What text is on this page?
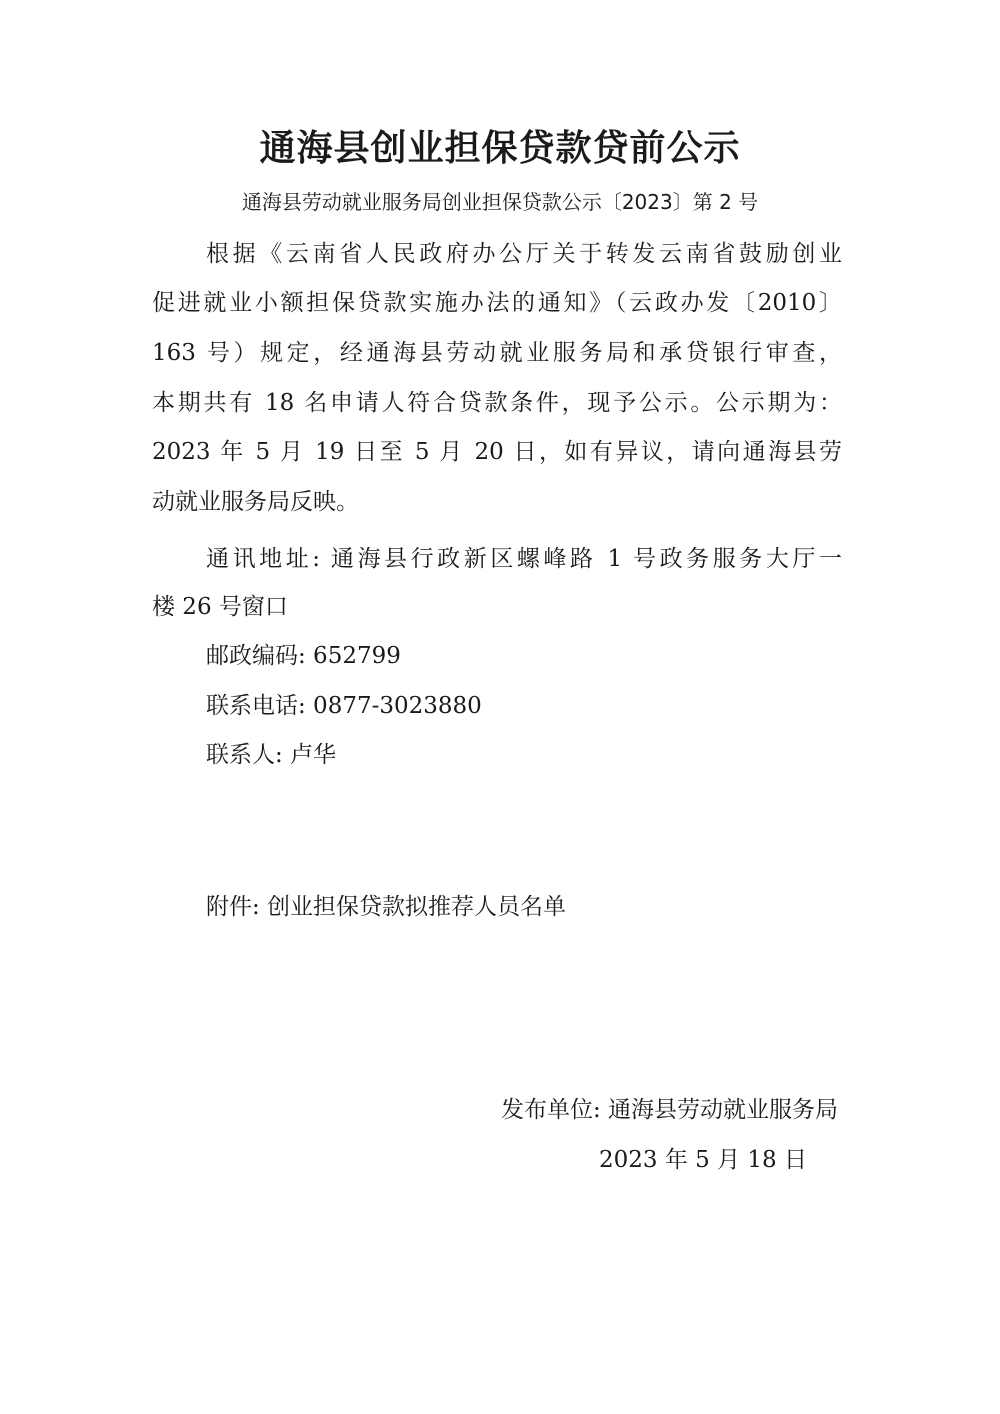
通海县创业担保贷款贷前公示
通海县劳动就业服务局创业担保贷款公示〔2023〕第 2 号
根据《云南省人民政府办公厅关于转发云南省鼓励创业
促进就业小额担保贷款实施办法的通知》（云政办发〔2010〕
163 号）规定，经通海县劳动就业服务局和承贷银行审查，
本期共有 18 名申请人符合贷款条件，现予公示。公示期为：
2023 年 5 月 19 日至 5 月 20 日，如有异议，请向通海县劳
动就业服务局反映。
通讯地址: 通海县行政新区螺峰路 1 号政务服务大厅一
楼 26 号窗口
邮政编码: 652799
联系电话: 0877-3023880
联系人: 卢华
附件: 创业担保贷款拟推荐人员名单
发布单位: 通海县劳动就业服务局
2023 年 5 月 18 日
